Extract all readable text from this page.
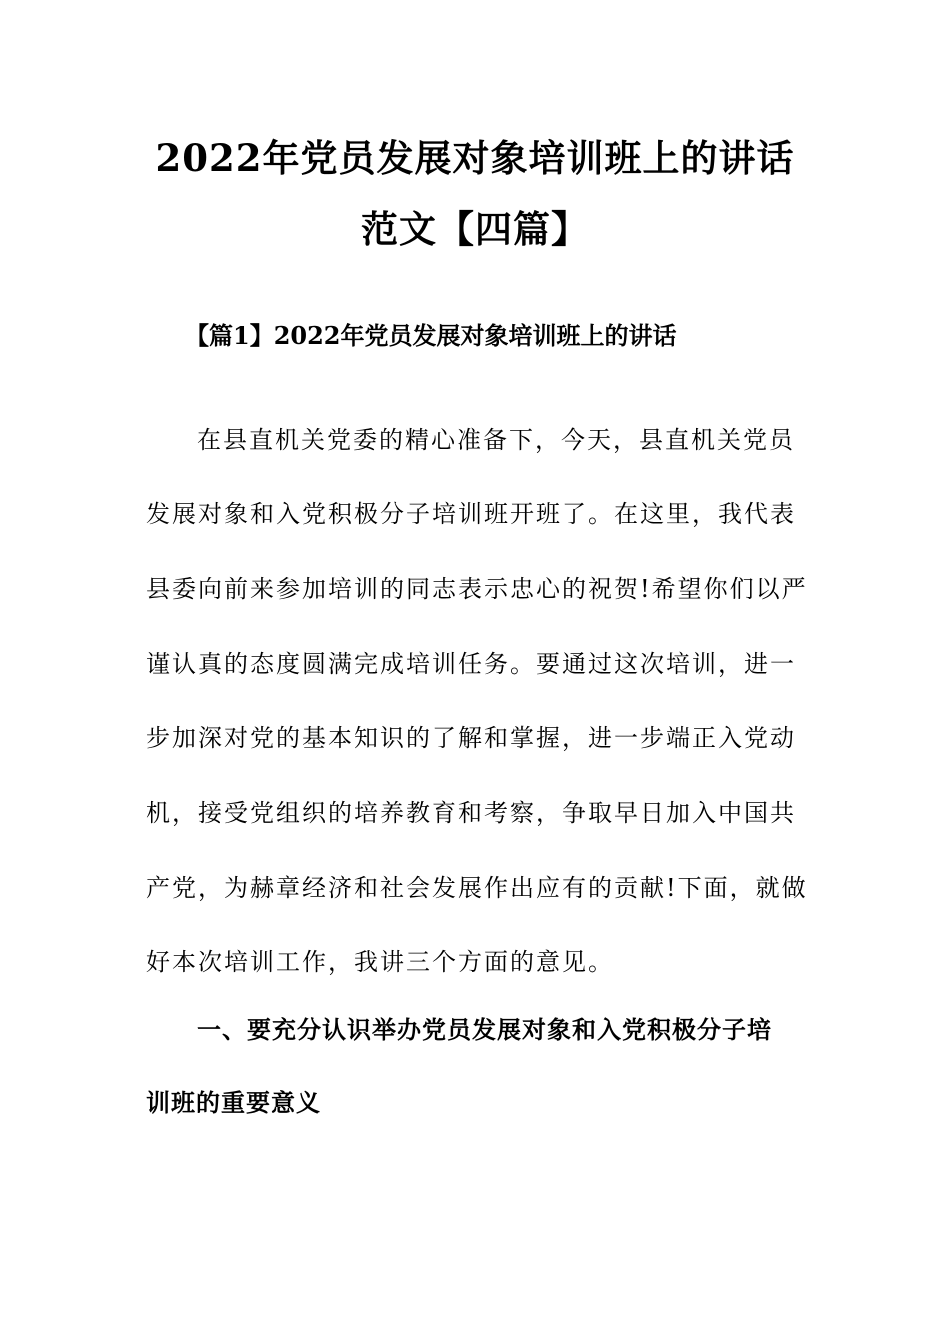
2022年党员发展对象培训班上的讲话
范文【四篇】
【篇1】2022年党员发展对象培训班上的讲话
在县直机关党委的精心准备下，今天，县直机关党员
发展对象和入党积极分子培训班开班了。在这里，我代表
县委向前来参加培训的同志表示忠心的祝贺!希望你们以严
谨认真的态度圆满完成培训任务。要通过这次培训，进一
步加深对党的基本知识的了解和掌握，进一步端正入党动
机，接受党组织的培养教育和考察，争取早日加入中国共
产党，为赫章经济和社会发展作出应有的贡献!下面，就做
好本次培训工作，我讲三个方面的意见。
一、要充分认识举办党员发展对象和入党积极分子培
训班的重要意义
